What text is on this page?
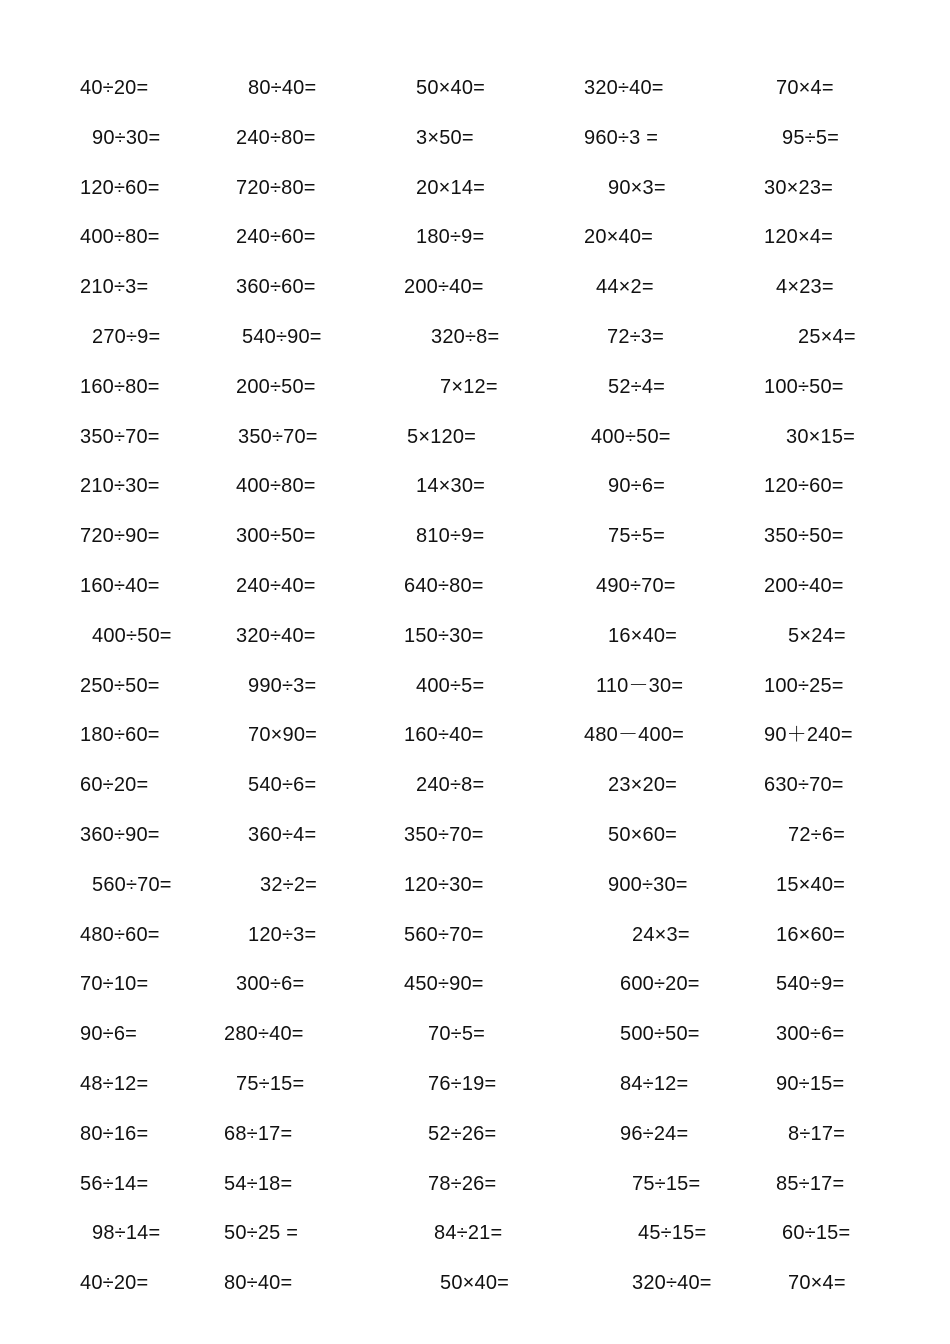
40÷20=	80÷40=	50×40=	320÷40=	70×4=
90÷30=	240÷80=	3×50=	960÷3 =	95÷5=
120÷60=	720÷80=	20×14=	90×3=	30×23=
400÷80=	240÷60=	180÷9=	20×40=	120×4=
210÷3=	360÷60=	200÷40=	44×2=	4×23=
270÷9=	540÷90=	320÷8=	72÷3=	25×4=
160÷80=	200÷50=	7×12=	52÷4=	100÷50=
350÷70=	350÷70=	5×120=	400÷50=	30×15=
210÷30=	400÷80=	14×30=	90÷6=	120÷60=
720÷90=	300÷50=	810÷9=	75÷5=	350÷50=
160÷40=	240÷40=	640÷80=	490÷70=	200÷40=
400÷50=	320÷40=	150÷30=	16×40=	5×24=
250÷50=	990÷3=	400÷5=	110－30=	100÷25=
180÷60=	70×90=	160÷40=	480－400=	90＋240=
60÷20=	540÷6=	240÷8=	23×20=	630÷70=
360÷90=	360÷4=	350÷70=	50×60=	72÷6=
560÷70=	32÷2=	120÷30=	900÷30=	15×40=
480÷60=	120÷3=	560÷70=	24×3=	16×60=
70÷10=	300÷6=	450÷90=	600÷20=	540÷9=
90÷6=	280÷40=	70÷5=	500÷50=	300÷6=
48÷12=	75÷15=	76÷19=	84÷12=	90÷15=
80÷16=	68÷17=	52÷26=	96÷24=	8÷17=
56÷14=	54÷18=	78÷26=	75÷15=	85÷17=
98÷14=	50÷25 =	84÷21=	45÷15=	60÷15=
40÷20=	80÷40=	50×40=	320÷40=	70×4=
